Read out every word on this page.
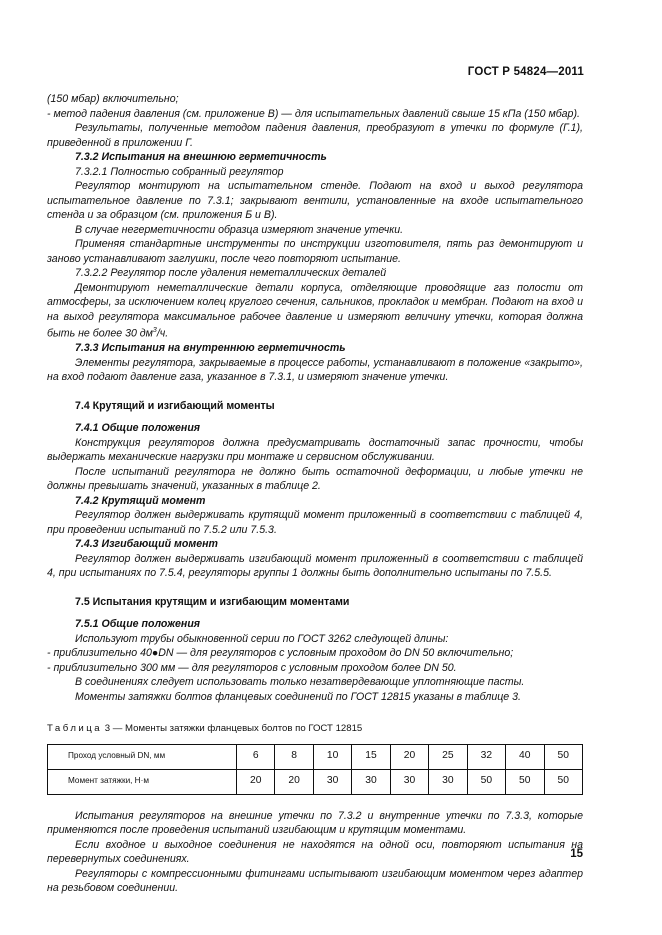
ГОСТ Р 54824—2011

(150 мбар) включительно;

- метод падения давления (см. приложение В) — для испытательных давлений свыше 15 кПа (150 мбар).

Результаты, полученные методом падения давления, преобразуют в утечки по формуле (Г.1), приведенной в приложении Г.

7.3.2 Испытания на внешнюю герметичность

7.3.2.1 Полностью собранный регулятор

Регулятор монтируют на испытательном стенде. Подают на вход и выход регулятора испытательное давление по 7.3.1; закрывают вентили, установленные на входе испытательного стенда и за образцом (см. приложения Б и В).

В случае негерметичности образца измеряют значение утечки.

Применяя стандартные инструменты по инструкции изготовителя, пять раз демонтируют и заново устанавливают заглушки, после чего повторяют испытание.

7.3.2.2 Регулятор после удаления неметаллических деталей

Демонтируют неметаллические детали корпуса, отделяющие проводящие газ полости от атмосферы, за исключением колец круглого сечения, сальников, прокладок и мембран. Подают на вход и на выход регулятора максимальное рабочее давление и измеряют величину утечки, которая должна быть не более 30 $дм^3/ч$.

7.3.3 Испытания на внутреннюю герметичность

Элементы регулятора, закрываемые в процессе работы, устанавливают в положение «закрыто», на вход подают давление газа, указанное в 7.3.1, и измеряют значение утечки.

7.4 Крутящий и изгибающий моменты

7.4.1 Общие положения

Конструкция регуляторов должна предусматривать достаточный запас прочности, чтобы выдержать механические нагрузки при монтаже и сервисном обслуживании.

После испытаний регулятора не должно быть остаточной деформации, и любые утечки не должны превышать значений, указанных в таблице 2.

7.4.2 Крутящий момент

Регулятор должен выдерживать крутящий момент приложенный в соответствии с таблицей 4, при проведении испытаний по 7.5.2 или 7.5.3.

7.4.3 Изгибающий момент

Регулятор должен выдерживать изгибающий момент приложенный в соответствии с таблицей 4, при испытаниях по 7.5.4, регуляторы группы 1 должны быть дополнительно испытаны по 7.5.5.

7.5 Испытания крутящим и изгибающим моментами

7.5.1 Общие положения

Используют трубы обыкновенной серии по ГОСТ 3262 следующей длины:

- приблизительно 40●DN — для регуляторов с условным проходом до DN 50 включительно;

- приблизительно 300 мм — для регуляторов с условным проходом более DN 50.

В соединениях следует использовать только незатвердевающие уплотняющие пасты.

Моменты затяжки болтов фланцевых соединений по ГОСТ 12815 указаны в таблице 3.

Таблица 3 — Моменты затяжки фланцевых болтов по ГОСТ 12815

Проход условный DN, мм	6	8	10	15	20	25	32	40	50
Момент затяжки, Н·м	20	20	30	30	30	30	50	50	50

Испытания регуляторов на внешние утечки по 7.3.2 и внутренние утечки по 7.3.3, которые применяются после проведения испытаний изгибающим и крутящим моментами.

Если входное и выходное соединения не находятся на одной оси, повторяют испытания на перевернутых соединениях.

Регуляторы с компрессионными фитингами испытывают изгибающим моментом через адаптер на резьбовом соединении.

15
